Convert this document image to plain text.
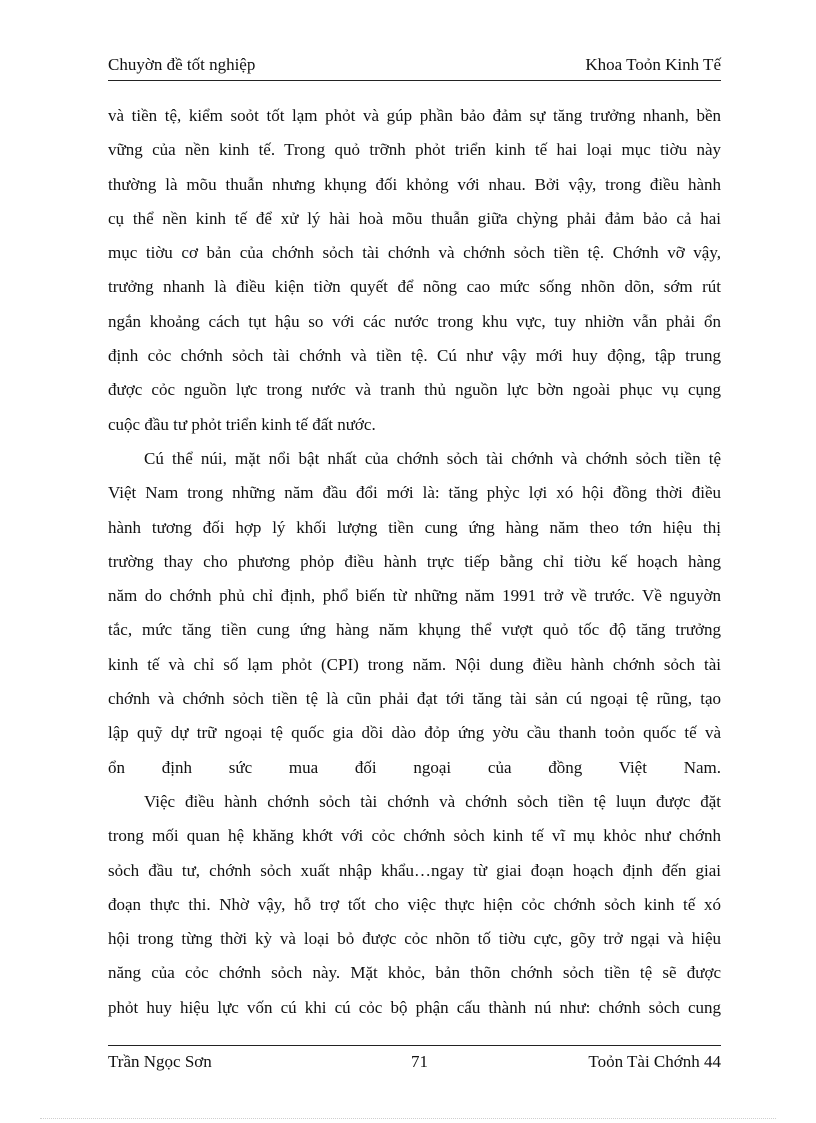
Chuyờn đề tốt nghiệp	Khoa Toỏn Kinh Tế
và tiền tệ, kiểm soỏt tốt lạm phỏt và gúp phần bảo đảm sự tăng trưởng nhanh, bền
vững của nền kinh tế. Trong quỏ trỡnh phỏt triển kinh tế hai loại mục tiờu này
thường là mõu thuẫn nhưng khụng đối khỏng với nhau. Bởi vậy, trong điều hành
cụ thể nền kinh tế để xử lý hài hoà mõu thuẫn giữa chỳng phải đảm bảo cả hai
mục tiờu cơ bản của chớnh sỏch tài chớnh và chớnh sỏch tiền tệ. Chớnh vỡ vậy,
trưởng nhanh là điều kiện tiờn quyết để nõng cao mức sống nhõn dõn, sớm rút
ngắn khoảng cách tụt hậu so với các nước trong khu vực, tuy nhiờn vẫn phải ổn
định cỏc chớnh sỏch tài chớnh và tiền tệ. Cú như vậy mới huy động, tập trung
được cỏc nguồn lực trong nước và tranh thủ nguồn lực bờn ngoài phục vụ cụng
cuộc đầu tư phỏt triển kinh tế đất nước.
Cú thể núi, mặt nổi bật nhất của chớnh sỏch tài chớnh và chớnh sỏch tiền tệ
Việt Nam trong những năm đầu đổi mới là: tăng phỳc lợi xó hội đồng thời điều
hành tương đối hợp lý khối lượng tiền cung ứng hàng năm theo tớn hiệu thị
trường thay cho phương phỏp điều hành trực tiếp bằng chỉ tiờu kế hoạch hàng
năm do chớnh phủ chỉ định, phổ biến từ những năm 1991 trở về trước. Về nguyờn
tắc, mức tăng tiền cung ứng hàng năm khụng thể vượt quỏ tốc độ tăng trưởng
kinh tế và chỉ số lạm phỏt (CPI) trong năm. Nội dung điều hành chớnh sỏch tài
chớnh và chớnh sỏch tiền tệ là cũn phải đạt tới tăng tài sản cú ngoại tệ rũng, tạo
lập quỹ dự trữ ngoại tệ quốc gia dồi dào đỏp ứng yờu cầu thanh toỏn quốc tế và
ổn định sức mua đối ngoại của đồng Việt Nam.
Việc điều hành chớnh sỏch tài chớnh và chớnh sỏch tiền tệ luụn được đặt
trong mối quan hệ khăng khớt với cỏc chớnh sỏch kinh tế vĩ mụ khỏc như chớnh
sỏch đầu tư, chớnh sỏch xuất nhập khẩu…ngay từ giai đoạn hoạch định đến giai
đoạn thực thi. Nhờ vậy, hỗ trợ tốt cho việc thực hiện cỏc chớnh sỏch kinh tế xó
hội trong từng thời kỳ và loại bỏ được cỏc nhõn tố tiờu cực, gõy trở ngại và hiệu
năng của cỏc chớnh sỏch này. Mặt khỏc, bản thõn chớnh sỏch tiền tệ sẽ được
phỏt huy hiệu lực vốn cú khi cú cỏc bộ phận cấu thành nú như: chớnh sỏch cung
Trần Ngọc Sơn	71	Toỏn Tài Chớnh 44
